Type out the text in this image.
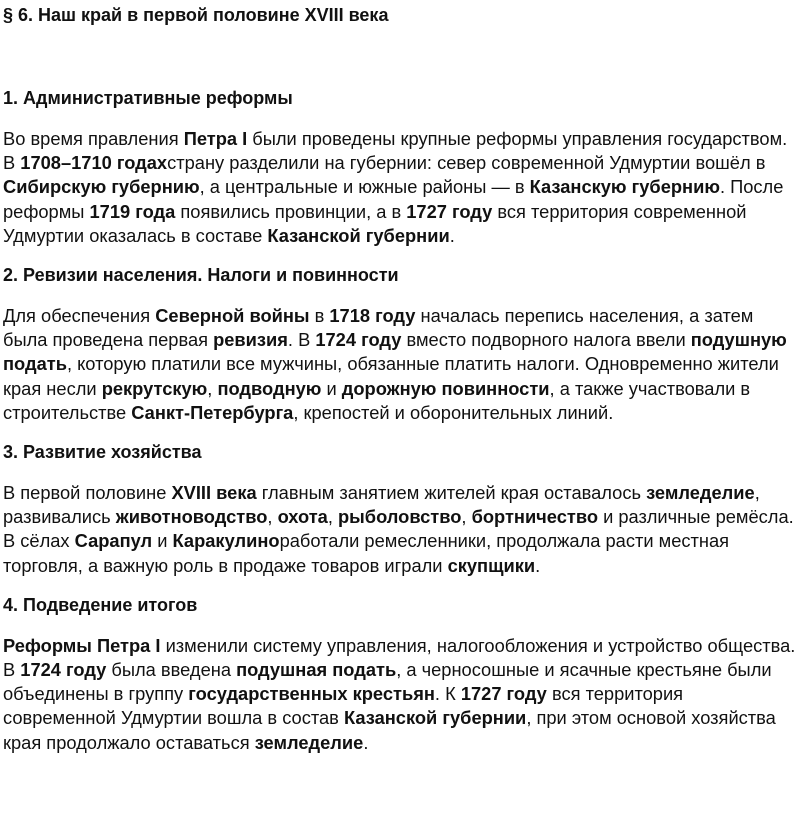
§ 6. Наш край в первой половине XVIII века
1. Административные реформы
Во время правления Петра I были проведены крупные реформы управления государством. В 1708–1710 годахстрану разделили на губернии: север современной Удмуртии вошёл в Сибирскую губернию, а центральные и южные районы — в Казанскую губернию. После реформы 1719 года появились провинции, а в 1727 году вся территория современной Удмуртии оказалась в составе Казанской губернии.
2. Ревизии населения. Налоги и повинности
Для обеспечения Северной войны в 1718 году началась перепись населения, а затем была проведена первая ревизия. В 1724 году вместо подворного налога ввели подушную подать, которую платили все мужчины, обязанные платить налоги. Одновременно жители края несли рекрутскую, подводную и дорожную повинности, а также участвовали в строительстве Санкт-Петербурга, крепостей и оборонительных линий.
3. Развитие хозяйства
В первой половине XVIII века главным занятием жителей края оставалось земледелие, развивались животноводство, охота, рыболовство, бортничество и различные ремёсла. В сёлах Сарапул и Каракулиноработали ремесленники, продолжала расти местная торговля, а важную роль в продаже товаров играли скупщики.
4. Подведение итогов
Реформы Петра I изменили систему управления, налогообложения и устройство общества. В 1724 году была введена подушная подать, а черносошные и ясачные крестьяне были объединены в группу государственных крестьян. К 1727 году вся территория современной Удмуртии вошла в состав Казанской губернии, при этом основой хозяйства края продолжало оставаться земледелие.
